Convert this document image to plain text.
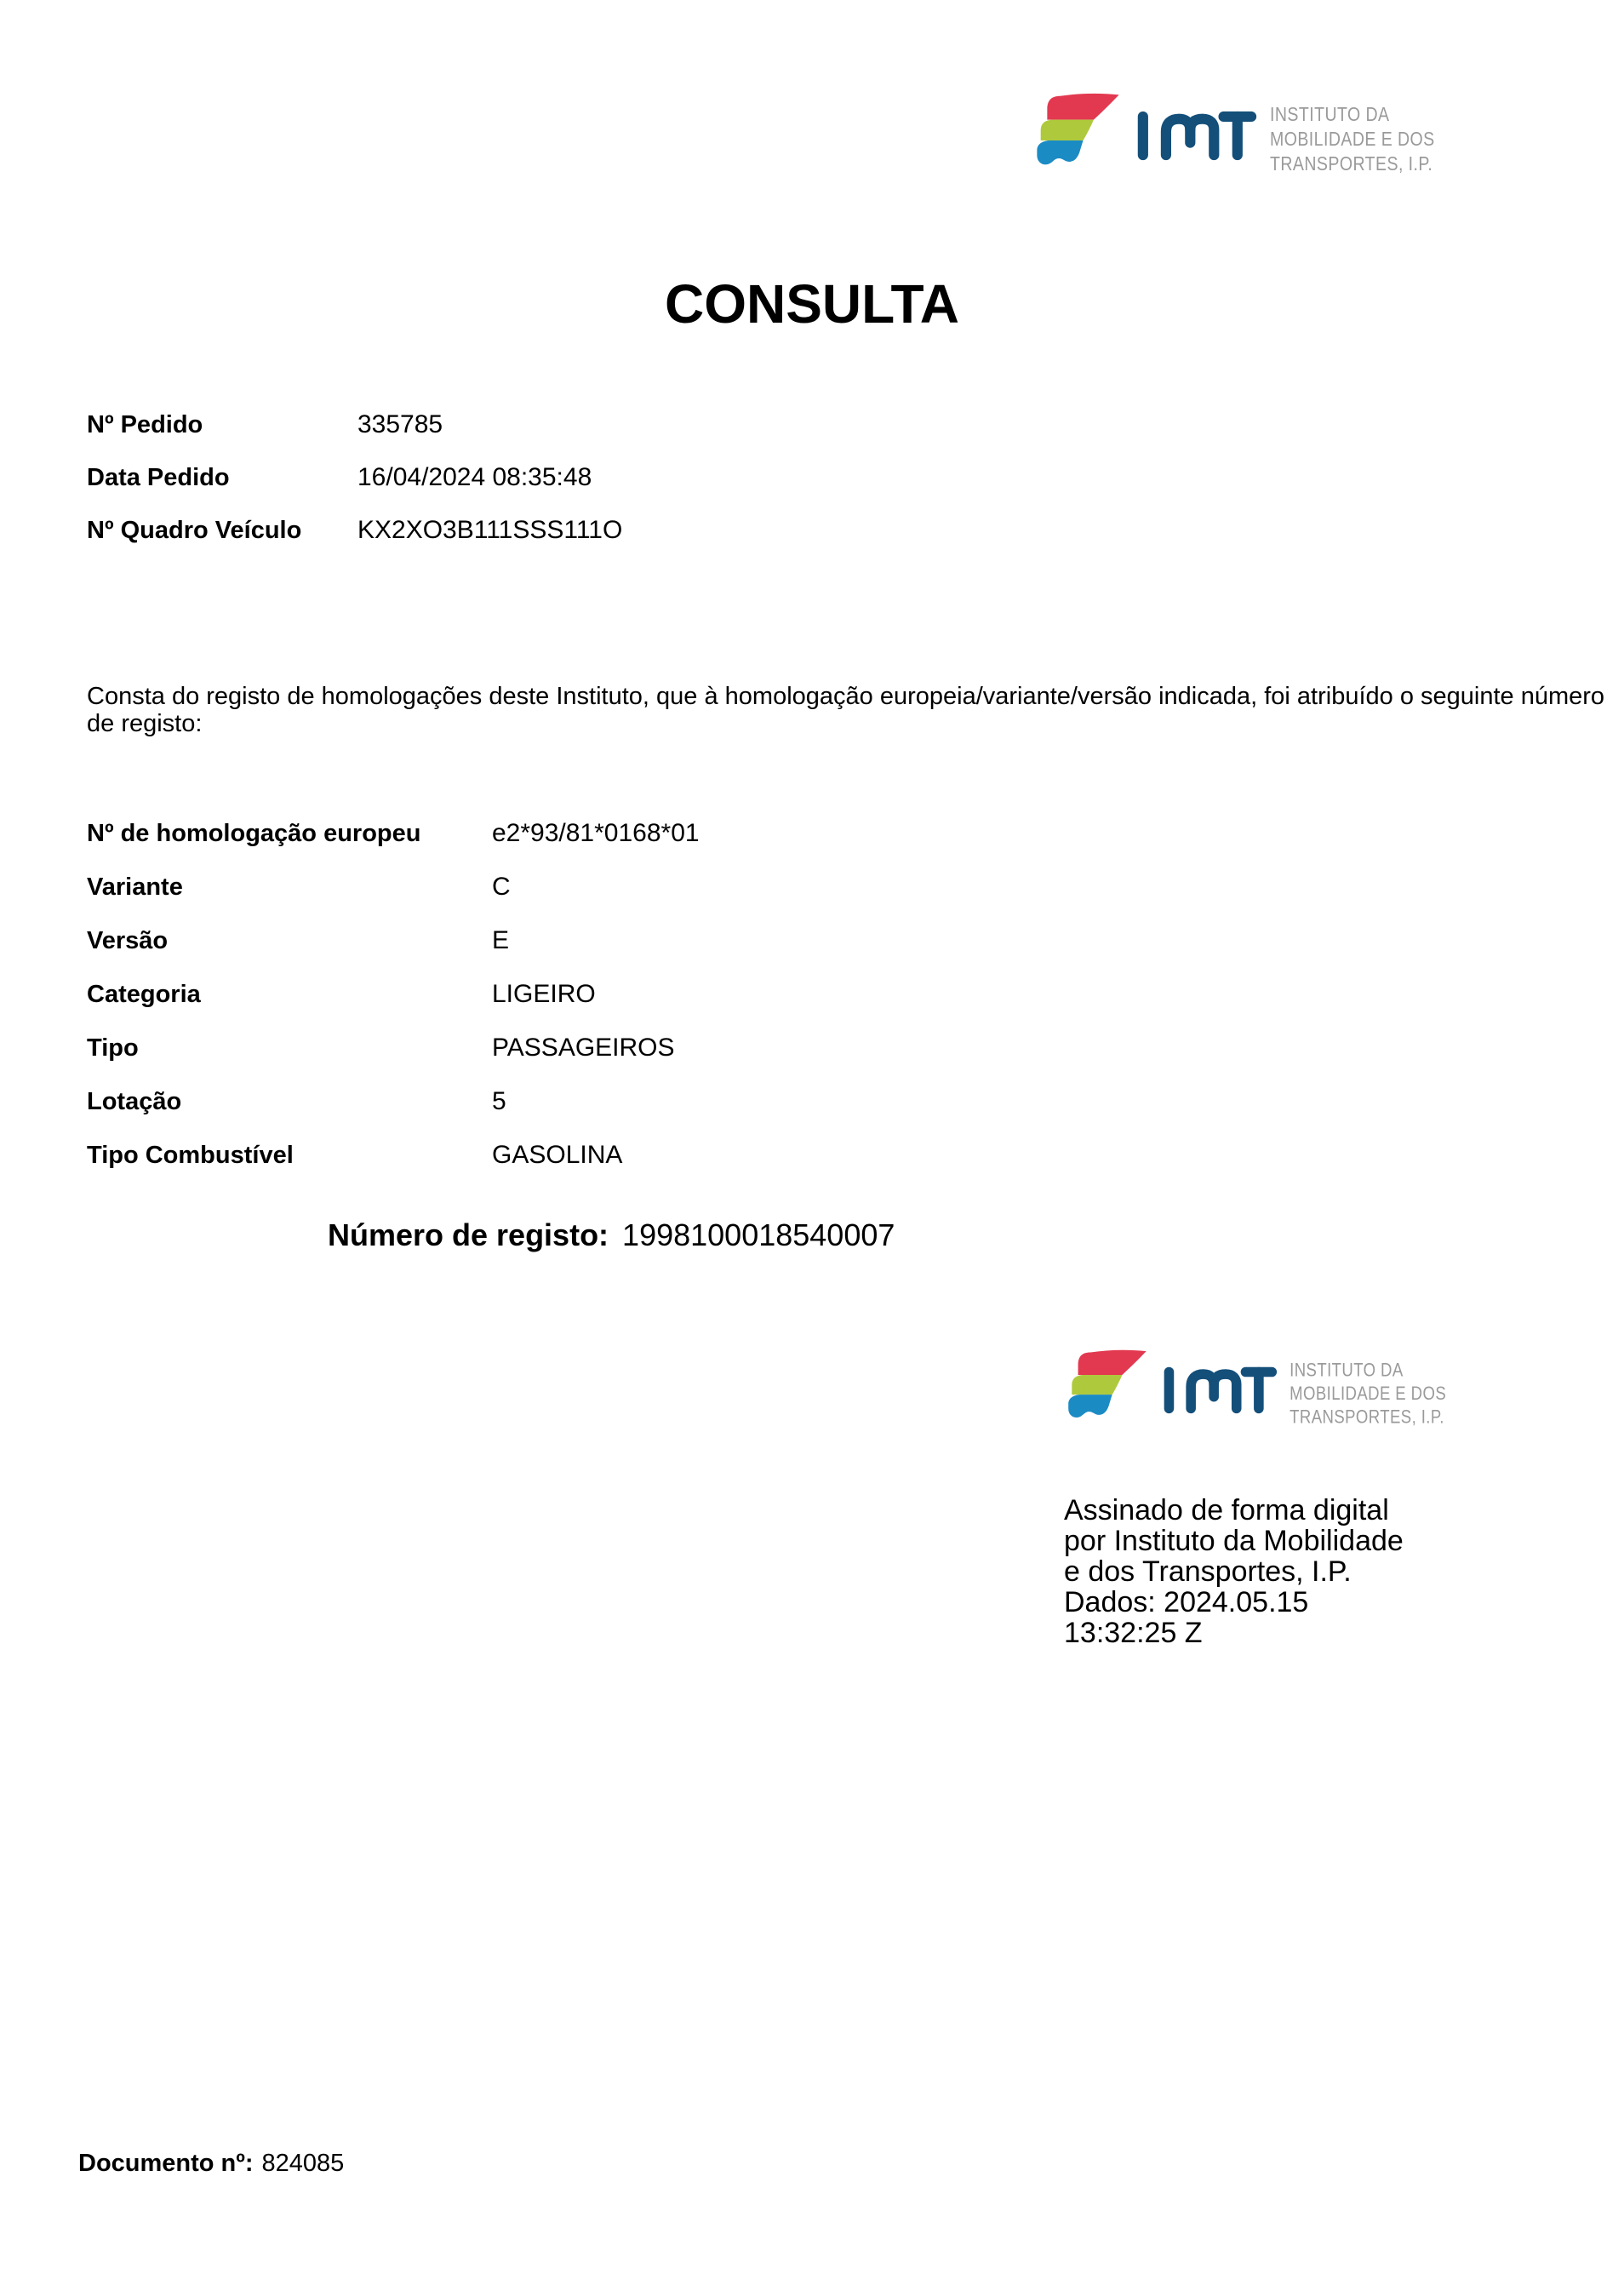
INSTITUTO DA
MOBILIDADE E DOS
TRANSPORTES, I.P.
CONSULTA
Nº Pedido	335785
Data Pedido	16/04/2024 08:35:48
Nº Quadro Veículo	KX2XO3B111SSS111O
Consta do registo de homologações deste Instituto, que à homologação europeia/variante/versão indicada, foi atribuído o seguinte número de registo:
Nº de homologação europeu	e2*93/81*0168*01
Variante	C
Versão	E
Categoria	LIGEIRO
Tipo	PASSAGEIROS
Lotação	5
Tipo Combustível	GASOLINA
Número de registo: 1998100018540007
INSTITUTO DA
MOBILIDADE E DOS
TRANSPORTES, I.P.
Assinado de forma digital
por Instituto da Mobilidade
e dos Transportes, I.P.
Dados: 2024.05.15
13:32:25 Z
Documento nº: 824085
